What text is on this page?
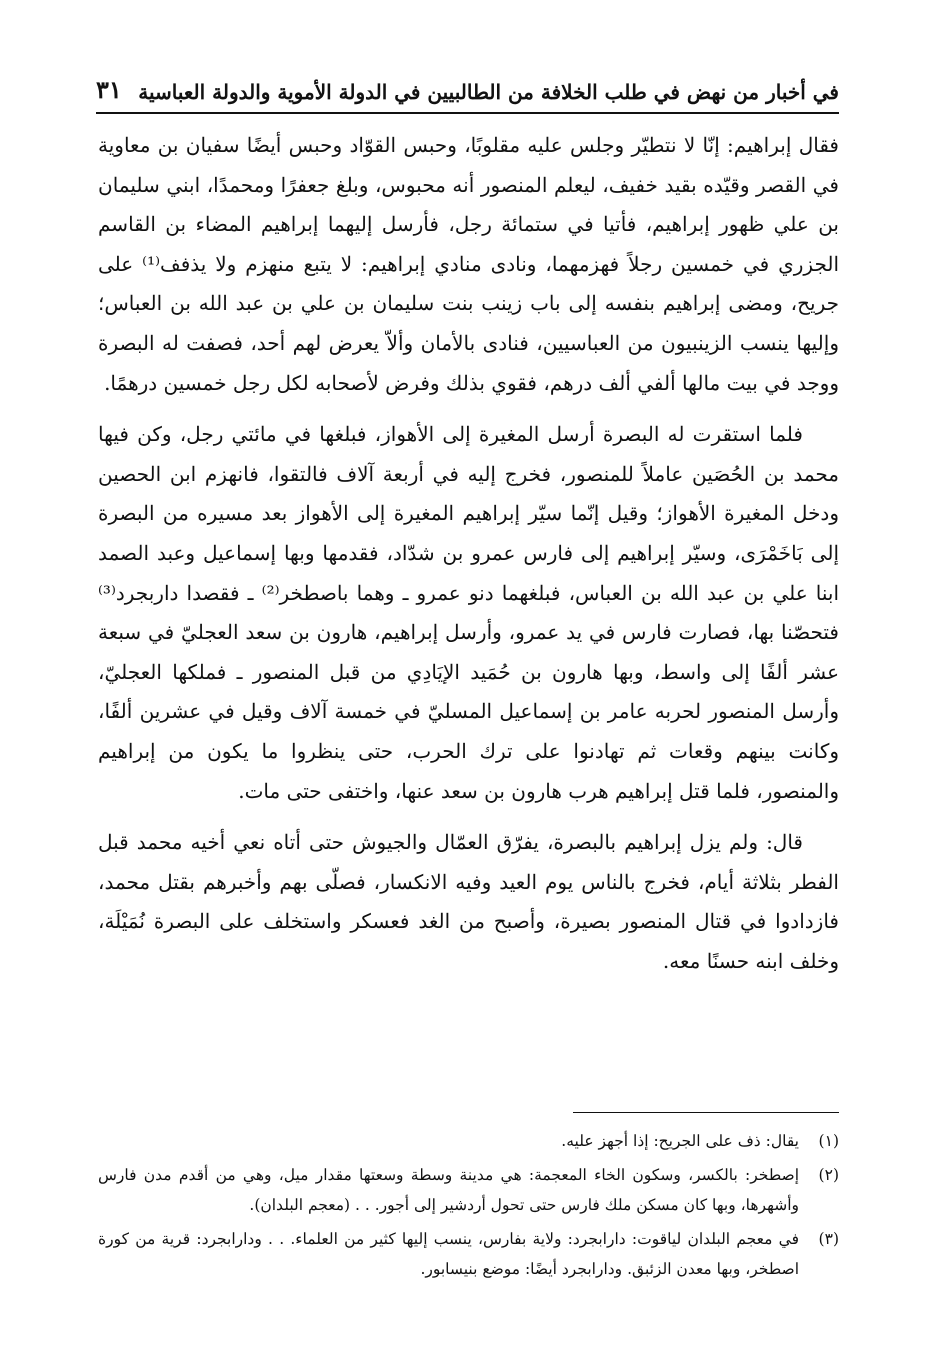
في أخبار من نهض في طلب الخلافة من الطالبيين في الدولة الأموية والدولة العباسية
٣١

فقال إبراهيم: إنّا لا نتطيّر وجلس عليه مقلوبًا، وحبس القوّاد وحبس أيضًا سفيان بن معاوية في القصر وقيّده بقيد خفيف، ليعلم المنصور أنه محبوس، وبلغ جعفرًا ومحمدًا، ابني سليمان بن علي ظهور إبراهيم، فأتيا في ستمائة رجل، فأرسل إليهما إبراهيم المضاء بن القاسم الجزري في خمسين رجلاً فهزمهما، ونادى منادي إبراهيم: لا يتبع منهزم ولا يذفف⁽¹⁾ على جريح، ومضى إبراهيم بنفسه إلى باب زينب بنت سليمان بن علي بن عبد الله بن العباس؛ وإليها ينسب الزينبيون من العباسيين، فنادى بالأمان وألاّ يعرض لهم أحد، فصفت له البصرة ووجد في بيت مالها ألفي ألف درهم، فقوي بذلك وفرض لأصحابه لكل رجل خمسين درهمًا.

فلما استقرت له البصرة أرسل المغيرة إلى الأهواز، فبلغها في مائتي رجل، وكن فيها محمد بن الحُصَين عاملاً للمنصور، فخرج إليه في أربعة آلاف فالتقوا، فانهزم ابن الحصين ودخل المغيرة الأهواز؛ وقيل إنّما سيّر إبراهيم المغيرة إلى الأهواز بعد مسيره من البصرة إلى بَاخَمْرَى، وسيّر إبراهيم إلى فارس عمرو بن شدّاد، فقدمها وبها إسماعيل وعبد الصمد ابنا علي بن عبد الله بن العباس، فبلغهما دنو عمرو ـ وهما باصطخر⁽²⁾ ـ فقصدا داربجرد⁽³⁾ فتحصّنا بها، فصارت فارس في يد عمرو، وأرسل إبراهيم، هارون بن سعد العجليّ في سبعة عشر ألفًا إلى واسط، وبها هارون بن حُمَيد الإيَادِي من قبل المنصور ـ فملكها العجليّ، وأرسل المنصور لحربه عامر بن إسماعيل المسليّ في خمسة آلاف وقيل في عشرين ألفًا، وكانت بينهم وقعات ثم تهادنوا على ترك الحرب، حتى ينظروا ما يكون من إبراهيم والمنصور، فلما قتل إبراهيم هرب هارون بن سعد عنها، واختفى حتى مات.

قال: ولم يزل إبراهيم بالبصرة، يفرّق العمّال والجيوش حتى أتاه نعي أخيه محمد قبل الفطر بثلاثة أيام، فخرج بالناس يوم العيد وفيه الانكسار، فصلّى بهم وأخبرهم بقتل محمد، فازدادوا في قتال المنصور بصيرة، وأصبح من الغد فعسكر واستخلف على البصرة نُمَيْلَة، وخلف ابنه حسنًا معه.

(١)
يقال: ذف على الجريح: إذا أجهز عليه.
(٢)
إصطخر: بالكسر، وسكون الخاء المعجمة: هي مدينة وسطة وسعتها مقدار ميل، وهي من أقدم مدن فارس وأشهرها، وبها كان مسكن ملك فارس حتى تحول أردشير إلى أجور. . . (معجم البلدان).
(٣)
في معجم البلدان لياقوت: دارابجرد: ولاية بفارس، ينسب إليها كثير من العلماء. . . ودارابجرد: قرية من كورة اصطخر، وبها معدن الزئبق. ودارابجرد أيضًا: موضع بنيسابور.
